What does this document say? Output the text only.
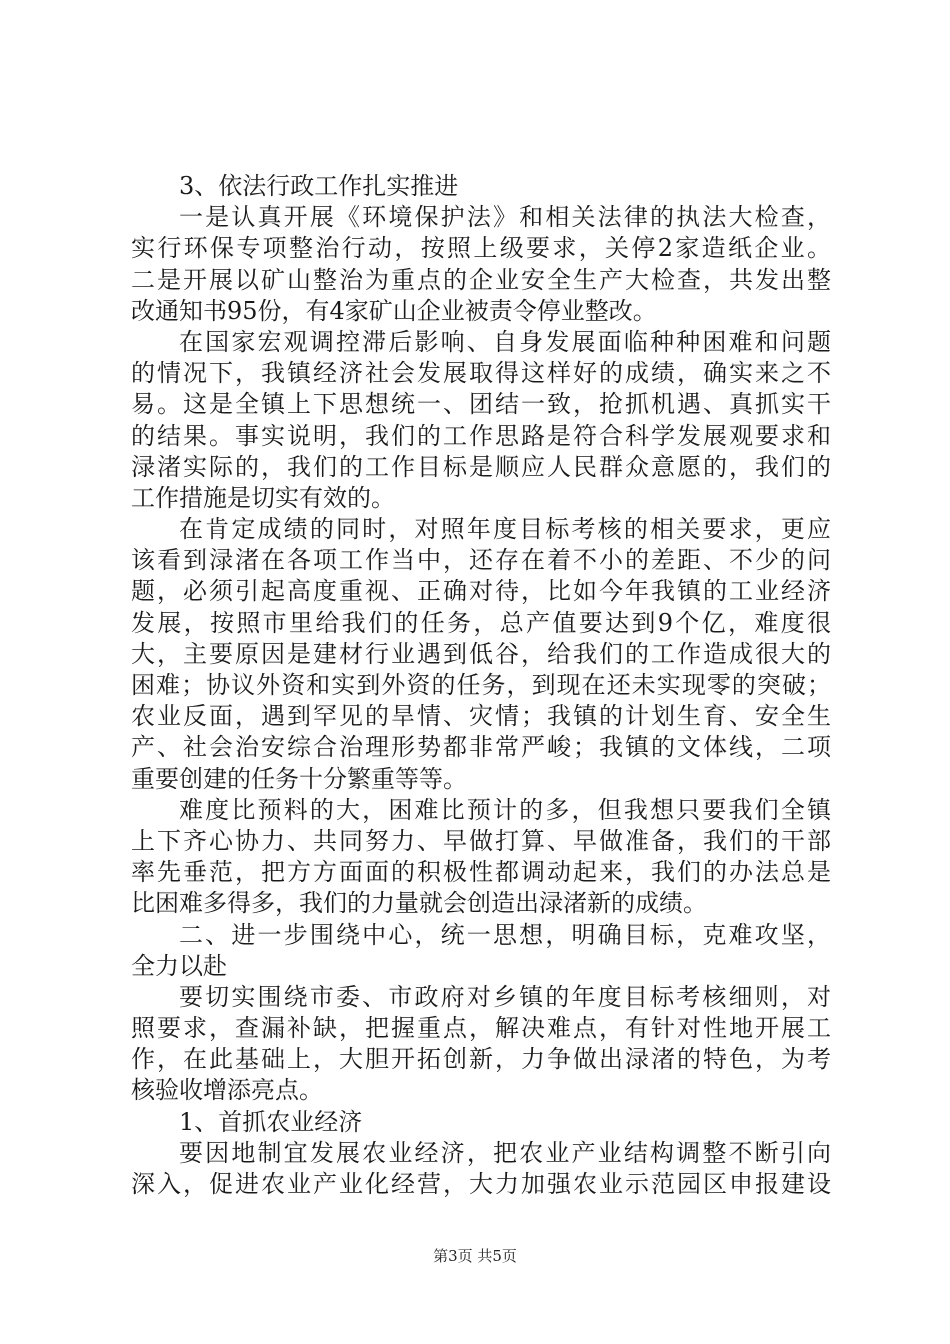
3、依法行政工作扎实推进
一是认真开展《环境保护法》和相关法律的执法大检查，
实行环保专项整治行动，按照上级要求，关停2家造纸企业。
二是开展以矿山整治为重点的企业安全生产大检查，共发出整
改通知书95份，有4家矿山企业被责令停业整改。
在国家宏观调控滞后影响、自身发展面临种种困难和问题
的情况下，我镇经济社会发展取得这样好的成绩，确实来之不
易。这是全镇上下思想统一、团结一致，抢抓机遇、真抓实干
的结果。事实说明，我们的工作思路是符合科学发展观要求和
渌渚实际的，我们的工作目标是顺应人民群众意愿的，我们的
工作措施是切实有效的。
在肯定成绩的同时，对照年度目标考核的相关要求，更应
该看到渌渚在各项工作当中，还存在着不小的差距、不少的问
题，必须引起高度重视、正确对待，比如今年我镇的工业经济
发展，按照市里给我们的任务，总产值要达到9个亿，难度很
大，主要原因是建材行业遇到低谷，给我们的工作造成很大的
困难；协议外资和实到外资的任务，到现在还未实现零的突破；
农业反面，遇到罕见的旱情、灾情；我镇的计划生育、安全生
产、社会治安综合治理形势都非常严峻；我镇的文体线，二项
重要创建的任务十分繁重等等。
难度比预料的大，困难比预计的多，但我想只要我们全镇
上下齐心协力、共同努力、早做打算、早做准备，我们的干部
率先垂范，把方方面面的积极性都调动起来，我们的办法总是
比困难多得多，我们的力量就会创造出渌渚新的成绩。
二、进一步围绕中心，统一思想，明确目标，克难攻坚，
全力以赴
要切实围绕市委、市政府对乡镇的年度目标考核细则，对
照要求，查漏补缺，把握重点，解决难点，有针对性地开展工
作，在此基础上，大胆开拓创新，力争做出渌渚的特色，为考
核验收增添亮点。
1、首抓农业经济
要因地制宜发展农业经济，把农业产业结构调整不断引向
深入，促进农业产业化经营，大力加强农业示范园区申报建设
第3页 共5页
